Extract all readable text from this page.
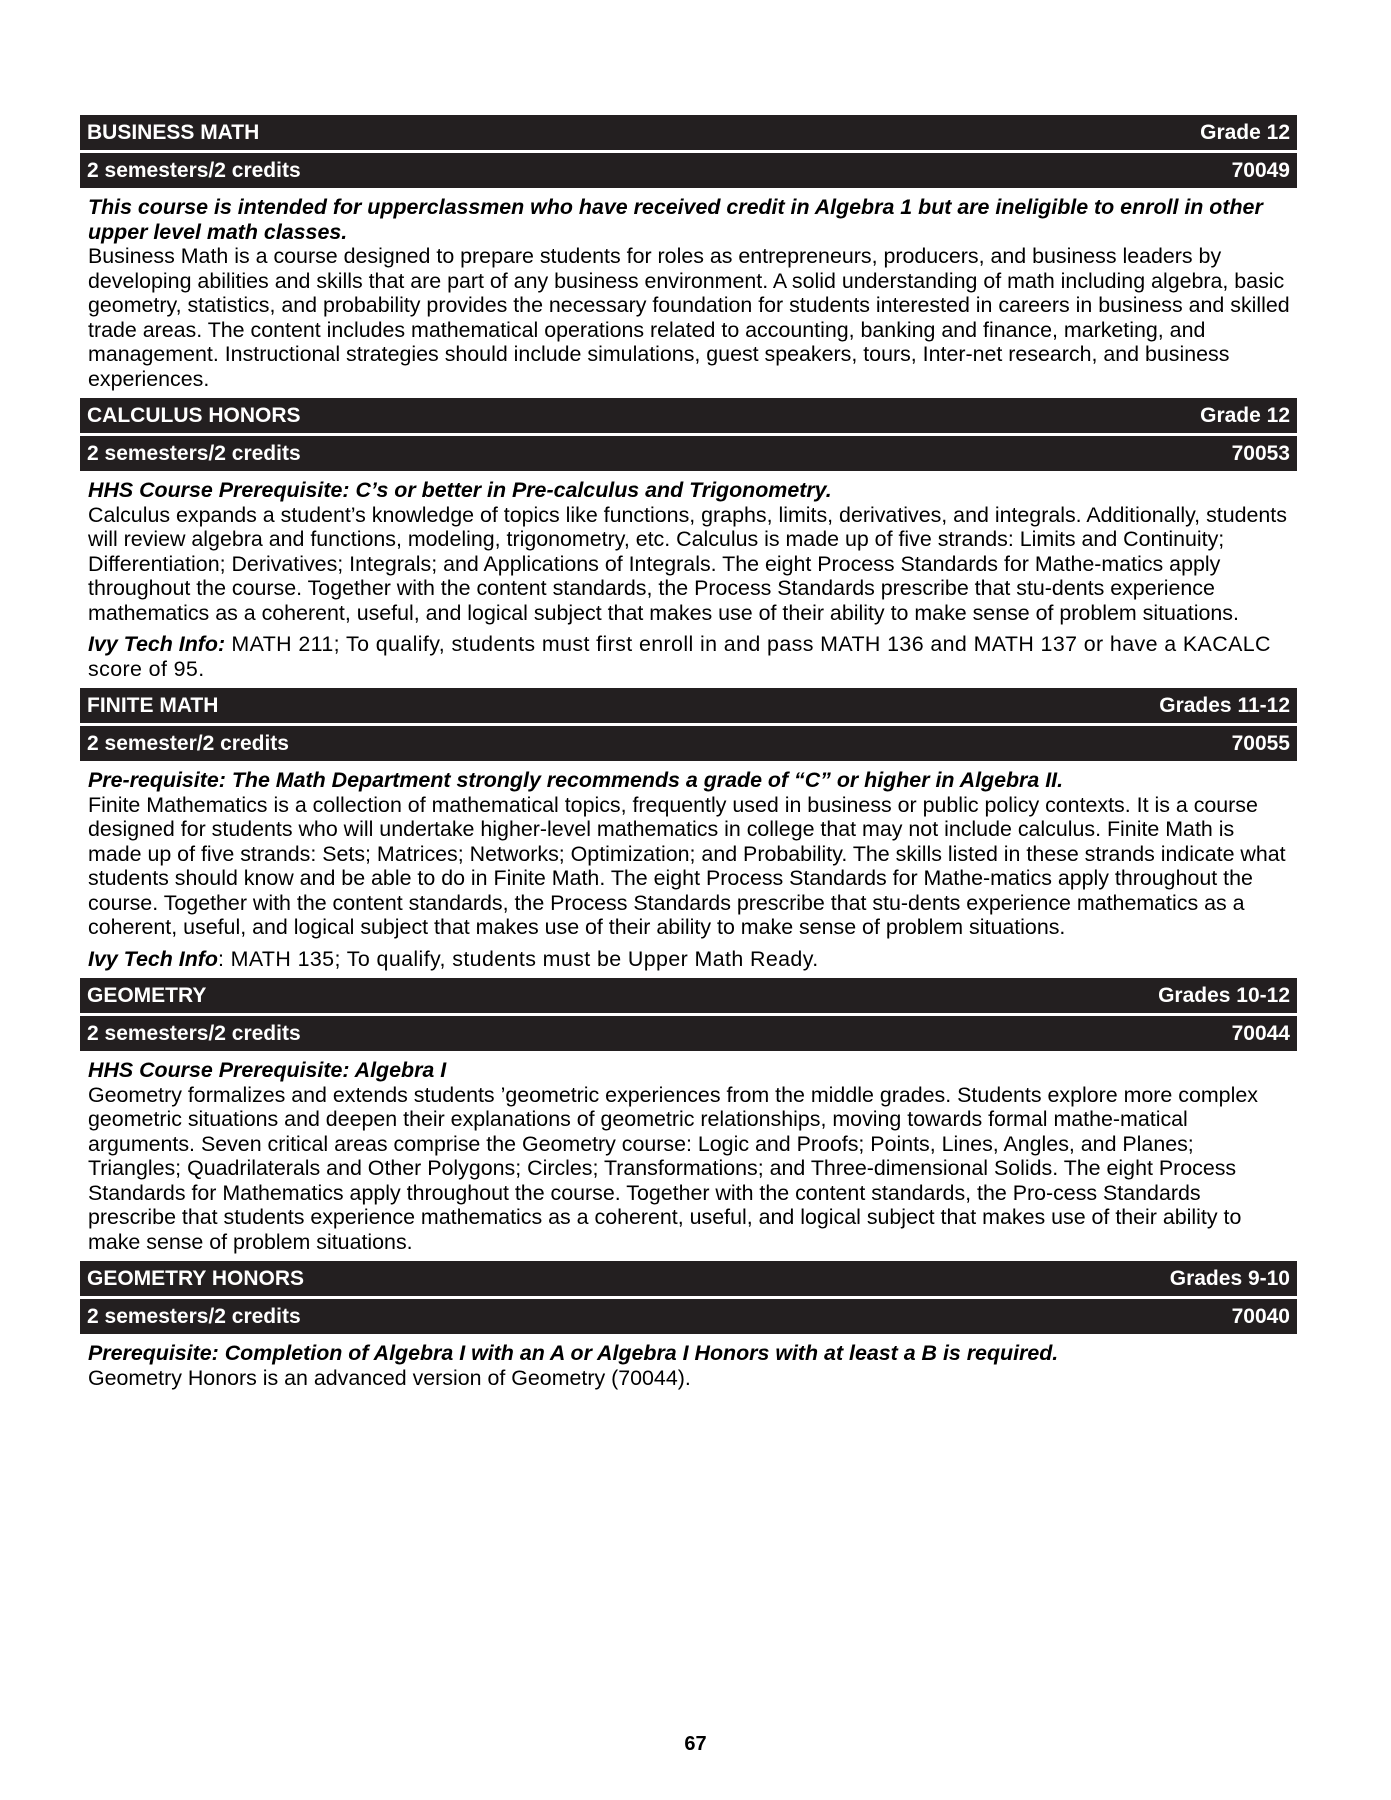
BUSINESS MATH	Grade 12
2 semesters/2 credits	70049
This course is intended for upperclassmen who have received credit in Algebra 1 but are ineligible to enroll in other upper level math classes.

Business Math is a course designed to prepare students for roles as entrepreneurs, producers, and business leaders by developing abilities and skills that are part of any business environment. A solid understanding of math including algebra, basic geometry, statistics, and probability provides the necessary foundation for students interested in careers in business and skilled trade areas. The content includes mathematical operations related to accounting, banking and finance, marketing, and management. Instructional strategies should include simulations, guest speakers, tours, Inter-net research, and business experiences.

CALCULUS HONORS	Grade 12
2 semesters/2 credits	70053
HHS Course Prerequisite: C’s or better in Pre-calculus and Trigonometry.

Calculus expands a student’s knowledge of topics like functions, graphs, limits, derivatives, and integrals. Additionally, students will review algebra and functions, modeling, trigonometry, etc. Calculus is made up of five strands: Limits and Continuity; Differentiation; Derivatives; Integrals; and Applications of Integrals. The eight Process Standards for Mathe-matics apply throughout the course. Together with the content standards, the Process Standards prescribe that stu-dents experience mathematics as a coherent, useful, and logical subject that makes use of their ability to make sense of problem situations.

Ivy Tech Info: MATH 211; To qualify, students must first enroll in and pass MATH 136 and MATH 137 or have a KACALC score of 95.
FINITE MATH	Grades 11-12
2 semester/2 credits	70055
Pre-requisite: The Math Department strongly recommends a grade of “C” or higher in Algebra II.

Finite Mathematics is a collection of mathematical topics, frequently used in business or public policy contexts. It is a course designed for students who will undertake higher-level mathematics in college that may not include calculus. Finite Math is made up of five strands: Sets; Matrices; Networks; Optimization; and Probability. The skills listed in these strands indicate what students should know and be able to do in Finite Math. The eight Process Standards for Mathe-matics apply throughout the course. Together with the content standards, the Process Standards prescribe that stu-dents experience mathematics as a coherent, useful, and logical subject that makes use of their ability to make sense of problem situations.

Ivy Tech Info: MATH 135; To qualify, students must be Upper Math Ready.
GEOMETRY	Grades 10-12
2 semesters/2 credits	70044
HHS Course Prerequisite: Algebra I

Geometry formalizes and extends students ’geometric experiences from the middle grades. Students explore more complex geometric situations and deepen their explanations of geometric relationships, moving towards formal mathe-matical arguments. Seven critical areas comprise the Geometry course: Logic and Proofs; Points, Lines, Angles, and Planes; Triangles; Quadrilaterals and Other Polygons; Circles; Transformations; and Three-dimensional Solids. The eight Process Standards for Mathematics apply throughout the course. Together with the content standards, the Pro-cess Standards prescribe that students experience mathematics as a coherent, useful, and logical subject that makes use of their ability to make sense of problem situations.

GEOMETRY HONORS	Grades 9-10
2 semesters/2 credits	70040
Prerequisite: Completion of Algebra I with an A or Algebra I Honors with at least a B is required.

Geometry Honors is an advanced version of Geometry (70044).

67
